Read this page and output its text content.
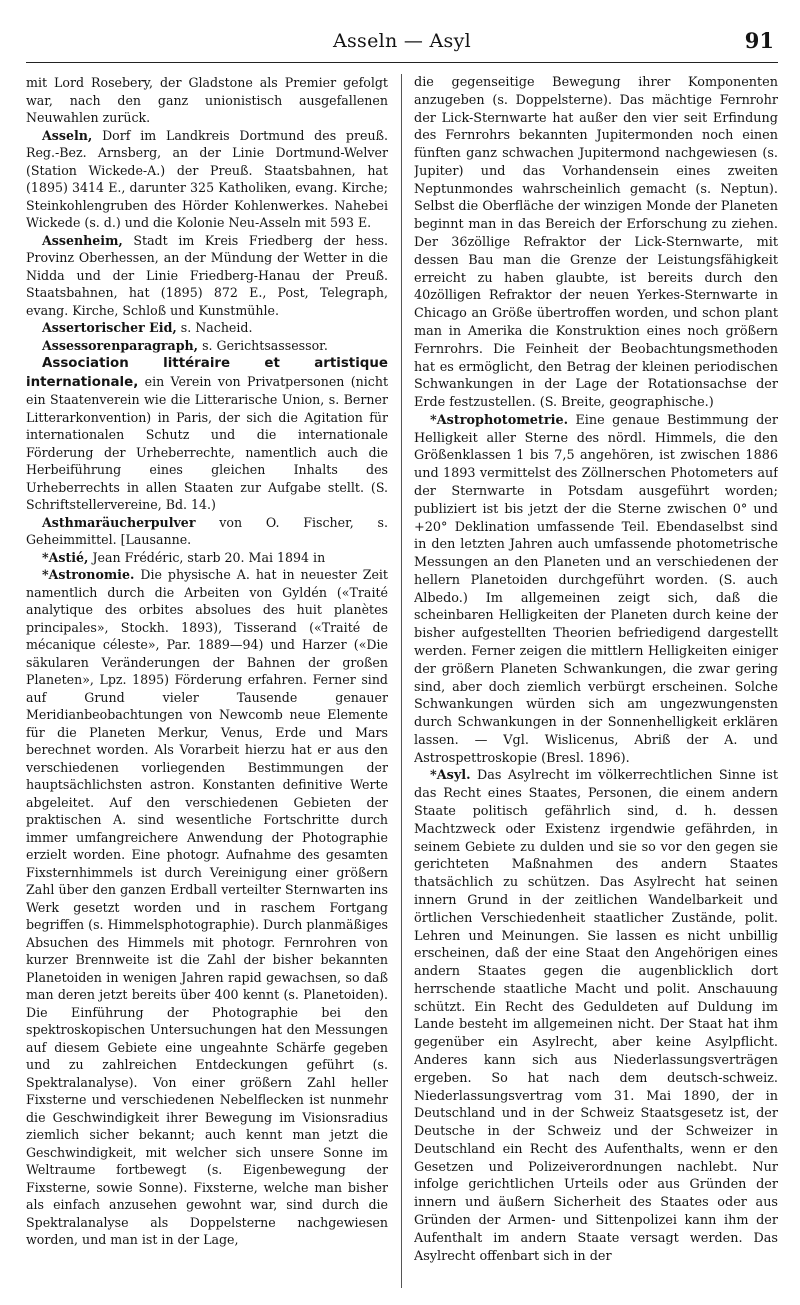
Asseln — Asyl	91

mit Lord Rosebery, der Gladstone als Premier gefolgt war, nach den ganz unionistisch ausgefallenen Neuwahlen zurück.

Asseln, Dorf im Landkreis Dortmund des preuß. Reg.-Bez. Arnsberg, an der Linie Dortmund-Welver (Station Wickede-A.) der Preuß. Staatsbahnen, hat (1895) 3414 E., darunter 325 Katholiken, evang. Kirche; Steinkohlengruben des Hörder Kohlenwerkes. Nahebei Wickede (s. d.) und die Kolonie Neu-Asseln mit 593 E.

Assenheim, Stadt im Kreis Friedberg der hess. Provinz Oberhessen, an der Mündung der Wetter in die Nidda und der Linie Friedberg-Hanau der Preuß. Staatsbahnen, hat (1895) 872 E., Post, Telegraph, evang. Kirche, Schloß und Kunstmühle.

Assertorischer Eid, s. Nacheid.

Assessorenparagraph, s. Gerichtsassessor.

Association littéraire et artistique internationale, ein Verein von Privatpersonen (nicht ein Staatenverein wie die Litterarische Union, s. Berner Litterarkonvention) in Paris, der sich die Agitation für internationalen Schutz und die internationale Förderung der Urheberrechte, namentlich auch die Herbeiführung eines gleichen Inhalts des Urheberrechts in allen Staaten zur Aufgabe stellt. (S. Schriftstellervereine, Bd. 14.)

Asthmaräucherpulver von O. Fischer, s. Geheimmittel. [Lausanne.

*Astié, Jean Frédéric, starb 20. Mai 1894 in

*Astronomie. Die physische A. hat in neuester Zeit namentlich durch die Arbeiten von Gyldén («Traité analytique des orbites absolues des huit planètes principales», Stockh. 1893), Tisserand («Traité de mécanique céleste», Par. 1889—94) und Harzer («Die säkularen Veränderungen der Bahnen der großen Planeten», Lpz. 1895) Förderung erfahren. Ferner sind auf Grund vieler Tausende genauer Meridianbeobachtungen von Newcomb neue Elemente für die Planeten Merkur, Venus, Erde und Mars berechnet worden. Als Vorarbeit hierzu hat er aus den verschiedenen vorliegenden Bestimmungen der hauptsächlichsten astron. Konstanten definitive Werte abgeleitet. Auf den verschiedenen Gebieten der praktischen A. sind wesentliche Fortschritte durch immer umfangreichere Anwendung der Photographie erzielt worden. Eine photogr. Aufnahme des gesamten Fixsternhimmels ist durch Vereinigung einer größern Zahl über den ganzen Erdball verteilter Sternwarten ins Werk gesetzt worden und in raschem Fortgang begriffen (s. Himmelsphotographie). Durch planmäßiges Absuchen des Himmels mit photogr. Fernrohren von kurzer Brennweite ist die Zahl der bisher bekannten Planetoiden in wenigen Jahren rapid gewachsen, so daß man deren jetzt bereits über 400 kennt (s. Planetoiden). Die Einführung der Photographie bei den spektroskopischen Untersuchungen hat den Messungen auf diesem Gebiete eine ungeahnte Schärfe gegeben und zu zahlreichen Entdeckungen geführt (s. Spektralanalyse). Von einer größern Zahl heller Fixsterne und verschiedenen Nebelflecken ist nunmehr die Geschwindigkeit ihrer Bewegung im Visionsradius ziemlich sicher bekannt; auch kennt man jetzt die Geschwindigkeit, mit welcher sich unsere Sonne im Weltraume fortbewegt (s. Eigenbewegung der Fixsterne, sowie Sonne). Fixsterne, welche man bisher als einfach anzusehen gewohnt war, sind durch die Spektralanalyse als Doppelsterne nachgewiesen worden, und man ist in der Lage,

die gegenseitige Bewegung ihrer Komponenten anzugeben (s. Doppelsterne). Das mächtige Fernrohr der Lick-Sternwarte hat außer den vier seit Erfindung des Fernrohrs bekannten Jupitermonden noch einen fünften ganz schwachen Jupitermond nachgewiesen (s. Jupiter) und das Vorhandensein eines zweiten Neptunmondes wahrscheinlich gemacht (s. Neptun). Selbst die Oberfläche der winzigen Monde der Planeten beginnt man in das Bereich der Erforschung zu ziehen. Der 36zöllige Refraktor der Lick-Sternwarte, mit dessen Bau man die Grenze der Leistungsfähigkeit erreicht zu haben glaubte, ist bereits durch den 40zölligen Refraktor der neuen Yerkes-Sternwarte in Chicago an Größe übertroffen worden, und schon plant man in Amerika die Konstruktion eines noch größern Fernrohrs. Die Feinheit der Beobachtungsmethoden hat es ermöglicht, den Betrag der kleinen periodischen Schwankungen in der Lage der Rotationsachse der Erde festzustellen. (S. Breite, geographische.)

*Astrophotometrie. Eine genaue Bestimmung der Helligkeit aller Sterne des nördl. Himmels, die den Größenklassen 1 bis 7,5 angehören, ist zwischen 1886 und 1893 vermittelst des Zöllnerschen Photometers auf der Sternwarte in Potsdam ausgeführt worden; publiziert ist bis jetzt der die Sterne zwischen 0° und +20° Deklination umfassende Teil. Ebendaselbst sind in den letzten Jahren auch umfassende photometrische Messungen an den Planeten und an verschiedenen der hellern Planetoiden durchgeführt worden. (S. auch Albedo.) Im allgemeinen zeigt sich, daß die scheinbaren Helligkeiten der Planeten durch keine der bisher aufgestellten Theorien befriedigend dargestellt werden. Ferner zeigen die mittlern Helligkeiten einiger der größern Planeten Schwankungen, die zwar gering sind, aber doch ziemlich verbürgt erscheinen. Solche Schwankungen würden sich am ungezwungensten durch Schwankungen in der Sonnenhelligkeit erklären lassen. — Vgl. Wislicenus, Abriß der A. und Astrospettroskopie (Bresl. 1896).

*Asyl. Das Asylrecht im völkerrechtlichen Sinne ist das Recht eines Staates, Personen, die einem andern Staate politisch gefährlich sind, d. h. dessen Machtzweck oder Existenz irgendwie gefährden, in seinem Gebiete zu dulden und sie so vor den gegen sie gerichteten Maßnahmen des andern Staates thatsächlich zu schützen. Das Asylrecht hat seinen innern Grund in der zeitlichen Wandelbarkeit und örtlichen Verschiedenheit staatlicher Zustände, polit. Lehren und Meinungen. Sie lassen es nicht unbillig erscheinen, daß der eine Staat den Angehörigen eines andern Staates gegen die augenblicklich dort herrschende staatliche Macht und polit. Anschauung schützt. Ein Recht des Geduldeten auf Duldung im Lande besteht im allgemeinen nicht. Der Staat hat ihm gegenüber ein Asylrecht, aber keine Asylpflicht. Anderes kann sich aus Niederlassungsverträgen ergeben. So hat nach dem deutsch-schweiz. Niederlassungsvertrag vom 31. Mai 1890, der in Deutschland und in der Schweiz Staatsgesetz ist, der Deutsche in der Schweiz und der Schweizer in Deutschland ein Recht des Aufenthalts, wenn er den Gesetzen und Polizeiverordnungen nachlebt. Nur infolge gerichtlichen Urteils oder aus Gründen der innern und äußern Sicherheit des Staates oder aus Gründen der Armen- und Sittenpolizei kann ihm der Aufenthalt im andern Staate versagt werden. Das Asylrecht offenbart sich in der
